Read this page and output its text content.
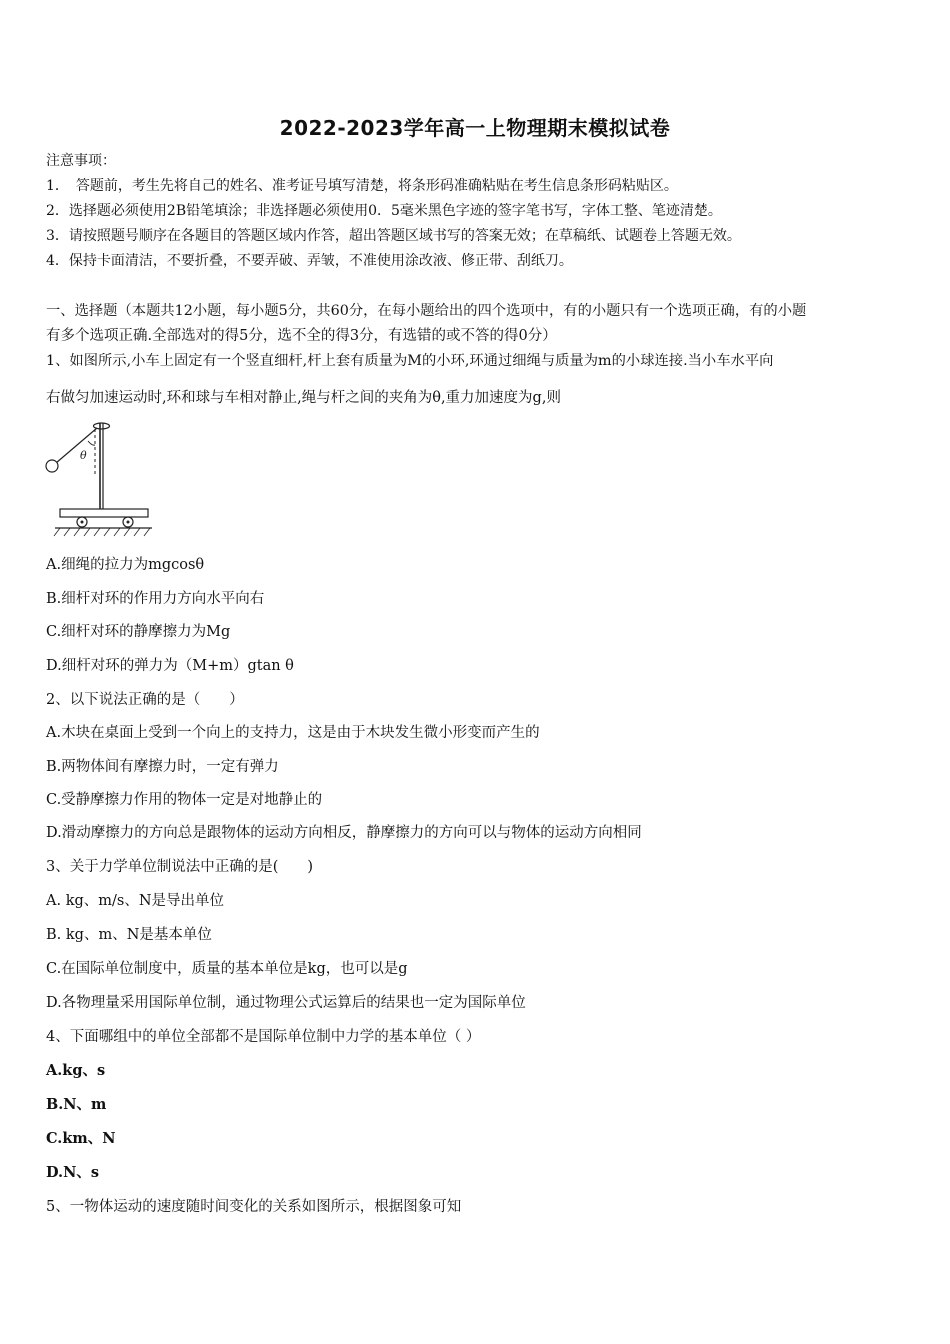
2022-2023学年高一上物理期末模拟试卷
注意事项：
1．　答题前，考生先将自己的姓名、准考证号填写清楚，将条形码准确粘贴在考生信息条形码粘贴区。
2．选择题必须使用2B铅笔填涂；非选择题必须使用0．5毫米黑色字迹的签字笔书写，字体工整、笔迹清楚。
3．请按照题号顺序在各题目的答题区域内作答，超出答题区域书写的答案无效；在草稿纸、试题卷上答题无效。
4．保持卡面清洁，不要折叠，不要弄破、弄皱，不准使用涂改液、修正带、刮纸刀。
一、选择题（本题共12小题，每小题5分，共60分，在每小题给出的四个选项中，有的小题只有一个选项正确，有的小题
有多个选项正确.全部选对的得5分，选不全的得3分，有选错的或不答的得0分）
1、如图所示,小车上固定有一个竖直细杆,杆上套有质量为M的小环,环通过细绳与质量为m的小球连接.当小车水平向
右做匀加速运动时,环和球与车相对静止,绳与杆之间的夹角为θ,重力加速度为g,则
θ
A.细绳的拉力为mgcosθ
B.细杆对环的作用力方向水平向右
C.细杆对环的静摩擦力为Mg
D.细杆对环的弹力为（M+m）gtan θ
2、以下说法正确的是（　　）
A.木块在桌面上受到一个向上的支持力，这是由于木块发生微小形变而产生的
B.两物体间有摩擦力时，一定有弹力
C.受静摩擦力作用的物体一定是对地静止的
D.滑动摩擦力的方向总是跟物体的运动方向相反，静摩擦力的方向可以与物体的运动方向相同
3、关于力学单位制说法中正确的是(　　)
A. kg、m/s、N是导出单位
B. kg、m、N是基本单位
C.在国际单位制度中，质量的基本单位是kg，也可以是g
D.各物理量采用国际单位制，通过物理公式运算后的结果也一定为国际单位
4、下面哪组中的单位全部都不是国际单位制中力学的基本单位（ ）
A.kg、s
B.N、m
C.km、N
D.N、s
5、一物体运动的速度随时间变化的关系如图所示，根据图象可知
